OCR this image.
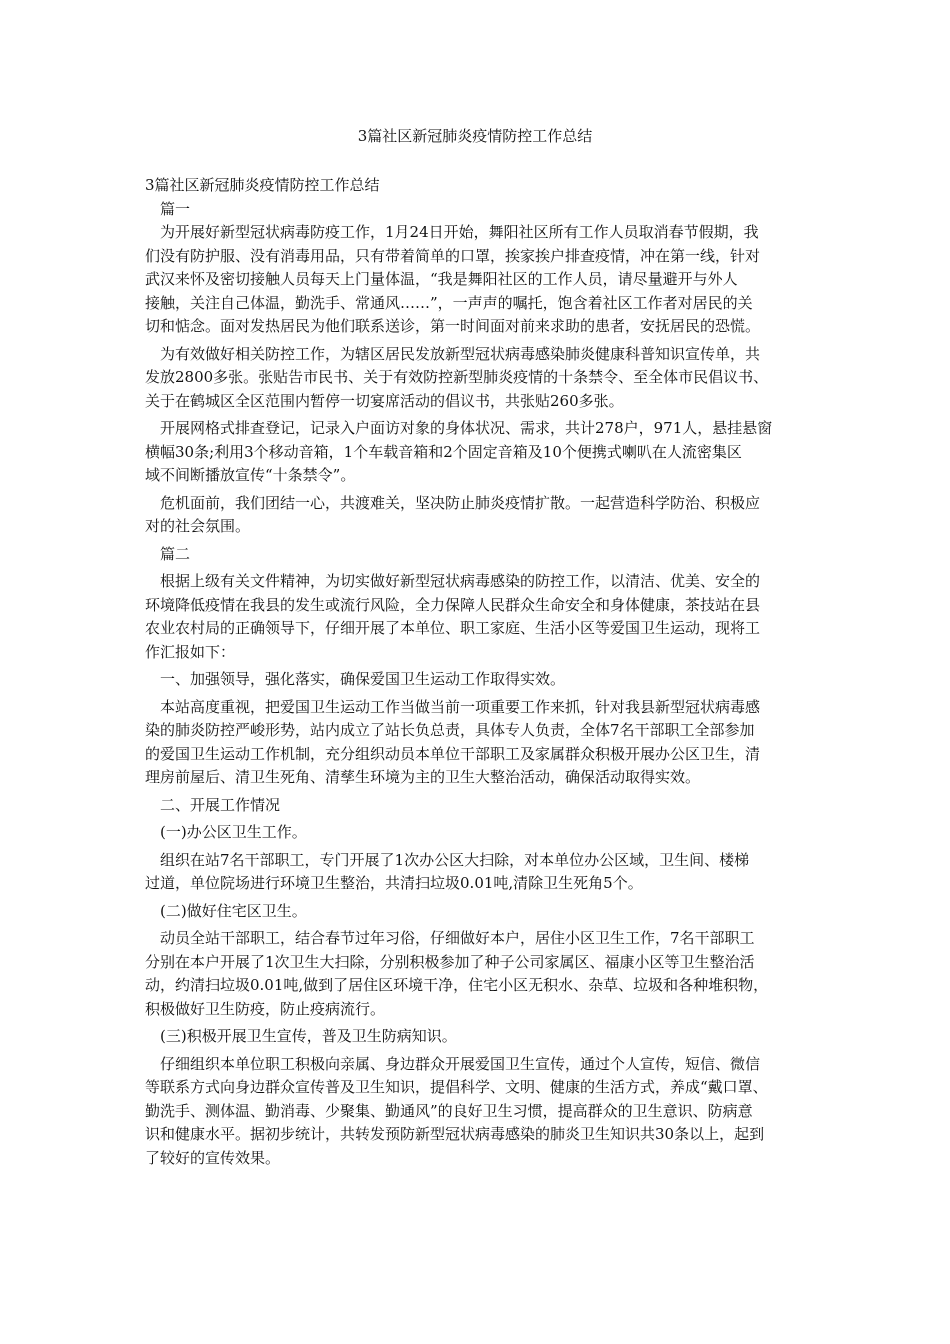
3篇社区新冠肺炎疫情防控工作总结
3篇社区新冠肺炎疫情防控工作总结
篇一
为开展好新型冠状病毒防疫工作，1月24日开始，舞阳社区所有工作人员取消春节假期，我
们没有防护服、没有消毒用品，只有带着简单的口罩，挨家挨户排查疫情，冲在第一线，针对
武汉来怀及密切接触人员每天上门量体温，“我是舞阳社区的工作人员，请尽量避开与外人
接触，关注自己体温，勤洗手、常通风……”，一声声的嘱托，饱含着社区工作者对居民的关
切和惦念。面对发热居民为他们联系送诊，第一时间面对前来求助的患者，安抚居民的恐慌。
为有效做好相关防控工作，为辖区居民发放新型冠状病毒感染肺炎健康科普知识宣传单，共
发放2800多张。张贴告市民书、关于有效防控新型肺炎疫情的十条禁令、至全体市民倡议书、
关于在鹤城区全区范围内暂停一切宴席活动的倡议书，共张贴260多张。
开展网格式排查登记，记录入户面访对象的身体状况、需求，共计278户，971人，悬挂悬窗
横幅30条;利用3个移动音箱，1个车载音箱和2个固定音箱及10个便携式喇叭在人流密集区
域不间断播放宣传“十条禁令”。
危机面前，我们团结一心，共渡难关，坚决防止肺炎疫情扩散。一起营造科学防治、积极应
对的社会氛围。
篇二
根据上级有关文件精神，为切实做好新型冠状病毒感染的防控工作，以清洁、优美、安全的
环境降低疫情在我县的发生或流行风险，全力保障人民群众生命安全和身体健康，茶技站在县
农业农村局的正确领导下，仔细开展了本单位、职工家庭、生活小区等爱国卫生运动，现将工
作汇报如下：
一、加强领导，强化落实，确保爱国卫生运动工作取得实效。
本站高度重视，把爱国卫生运动工作当做当前一项重要工作来抓，针对我县新型冠状病毒感
染的肺炎防控严峻形势，站内成立了站长负总责，具体专人负责，全体7名干部职工全部参加
的爱国卫生运动工作机制，充分组织动员本单位干部职工及家属群众积极开展办公区卫生，清
理房前屋后、清卫生死角、清孳生环境为主的卫生大整治活动，确保活动取得实效。
二、开展工作情况
(一)办公区卫生工作。
组织在站7名干部职工，专门开展了1次办公区大扫除，对本单位办公区域，卫生间、楼梯
过道，单位院场进行环境卫生整治，共清扫垃圾0.01吨,清除卫生死角5个。
(二)做好住宅区卫生。
动员全站干部职工，结合春节过年习俗，仔细做好本户，居住小区卫生工作，7名干部职工
分别在本户开展了1次卫生大扫除，分别积极参加了种子公司家属区、福康小区等卫生整治活
动，约清扫垃圾0.01吨,做到了居住区环境干净，住宅小区无积水、杂草、垃圾和各种堆积物，
积极做好卫生防疫，防止疫病流行。
(三)积极开展卫生宣传，普及卫生防病知识。
仔细组织本单位职工积极向亲属、身边群众开展爱国卫生宣传，通过个人宣传，短信、微信
等联系方式向身边群众宣传普及卫生知识，提倡科学、文明、健康的生活方式，养成“戴口罩、
勤洗手、测体温、勤消毒、少聚集、勤通风”的良好卫生习惯，提高群众的卫生意识、防病意
识和健康水平。据初步统计，共转发预防新型冠状病毒感染的肺炎卫生知识共30条以上，起到
了较好的宣传效果。
